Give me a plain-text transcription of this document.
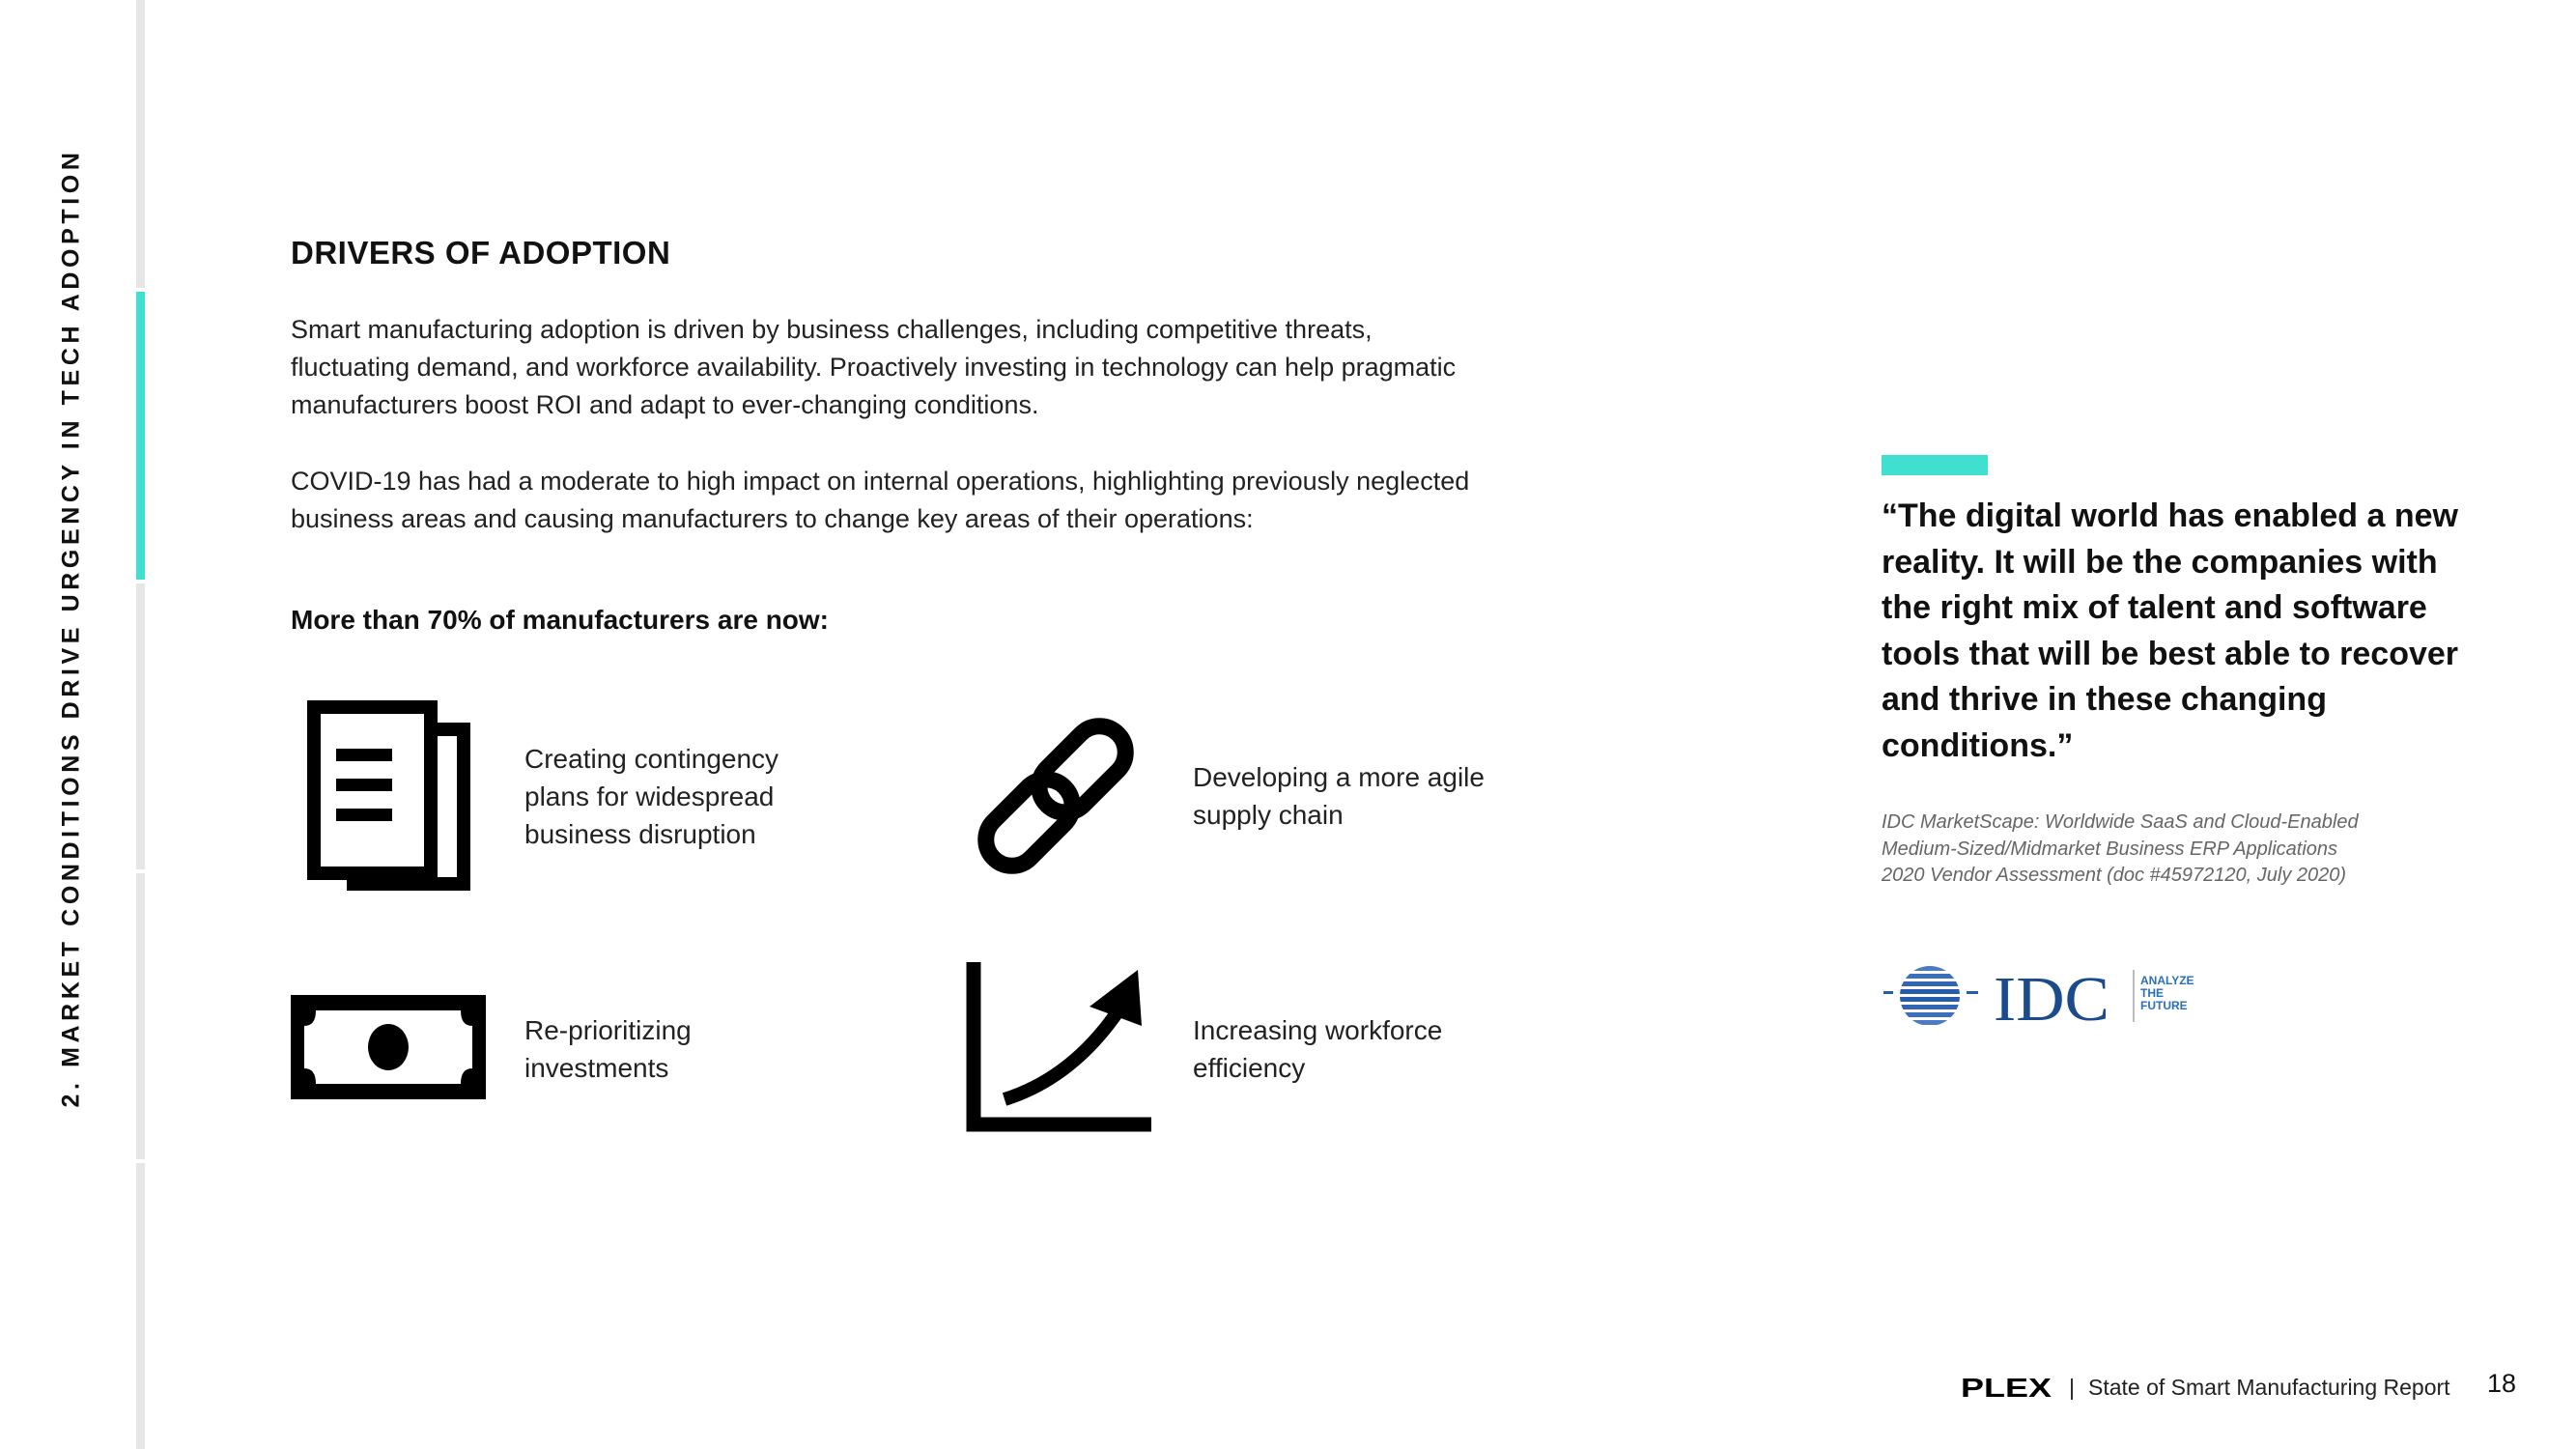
2. MARKET CONDITIONS DRIVE URGENCY IN TECH ADOPTION	DRIVERS OF ADOPTION

Smart manufacturing adoption is driven by business challenges, including competitive threats, fluctuating demand, and workforce availability. Proactively investing in technology can help pragmatic manufacturers boost ROI and adapt to ever-changing conditions.

COVID-19 has had a moderate to high impact on internal operations, highlighting previously neglected business areas and causing manufacturers to change key areas of their operations:

More than 70% of manufacturers are now:
Creating contingency plans for widespread business disruption
Developing a more agile supply chain
Re-prioritizing investments
Increasing workforce efficiency
“The digital world has enabled a new reality. It will be the companies with the right mix of talent and software tools that will be best able to recover and thrive in these changing conditions.”
IDC MarketScape: Worldwide SaaS and Cloud-Enabled Medium-Sized/Midmarket Business ERP Applications 2020 Vendor Assessment (doc #45972120, July 2020)
IDC	ANALYZE
THE
FUTURE
PLEX | State of Smart Manufacturing Report 18
